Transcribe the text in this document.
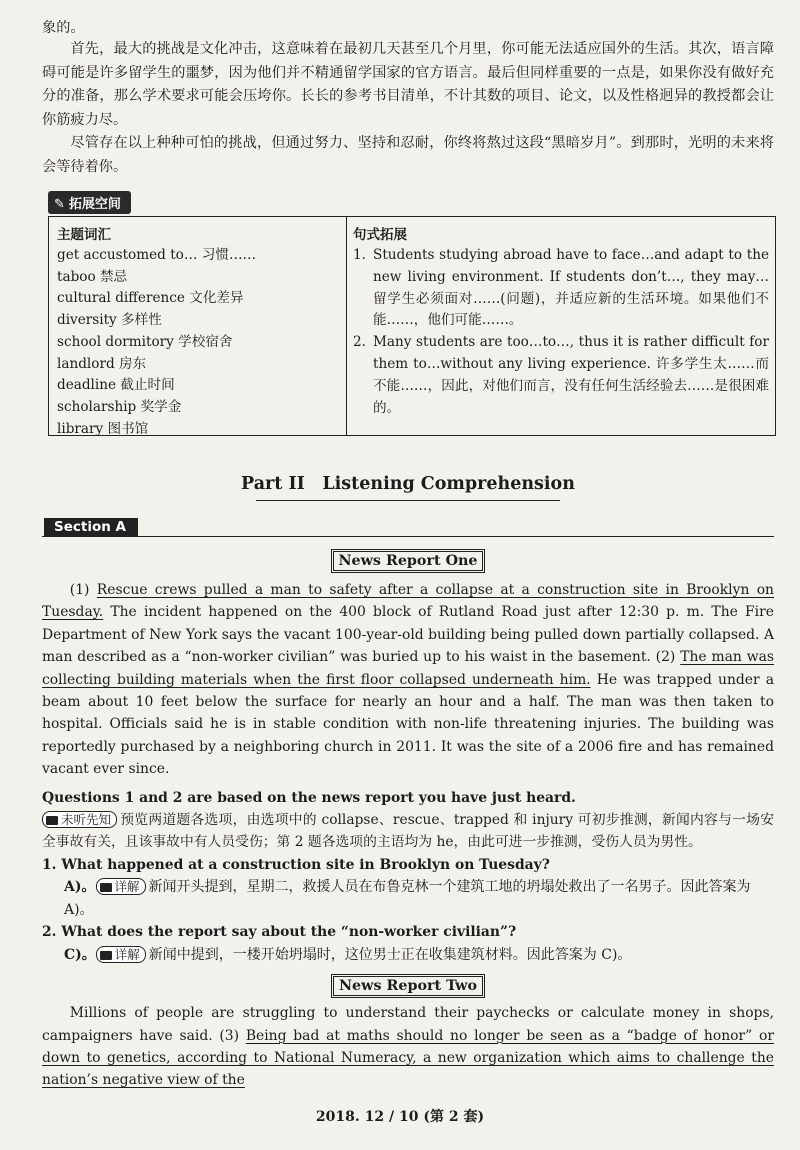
象的。

首先，最大的挑战是文化冲击，这意味着在最初几天甚至几个月里，你可能无法适应国外的生活。其次，语言障碍可能是许多留学生的噩梦，因为他们并不精通留学国家的官方语言。最后但同样重要的一点是，如果你没有做好充分的准备，那么学术要求可能会压垮你。长长的参考书目清单，不计其数的项目、论文，以及性格迥异的教授都会让你筋疲力尽。

尽管存在以上种种可怕的挑战，但通过努力、坚持和忍耐，你终将熬过这段“黑暗岁月”。到那时，光明的未来将会等待着你。

✎ 拓展空间
主题词汇
get accustomed to… 习惯……
taboo 禁忌
cultural difference 文化差异
diversity 多样性
school dormitory 学校宿舍
landlord 房东
deadline 截止时间
scholarship 奖学金
library 图书馆
句式拓展
1. Students studying abroad have to face…and adapt to the new living environment. If students don’t…, they may… 留学生必须面对……(问题)，并适应新的生活环境。如果他们不能……，他们可能……。
2. Many students are too…to…, thus it is rather difficult for them to…without any living experience. 许多学生太……而不能……，因此，对他们而言，没有任何生活经验去……是很困难的。
Part II　Listening Comprehension
Section A
News Report One

(1) Rescue crews pulled a man to safety after a collapse at a construction site in Brooklyn on Tuesday. The incident happened on the 400 block of Rutland Road just after 12:30 p. m. The Fire Department of New York says the vacant 100-year-old building being pulled down partially collapsed. A man described as a “non-worker civilian” was buried up to his waist in the basement. (2) The man was collecting building materials when the first floor collapsed underneath him. He was trapped under a beam about 10 feet below the surface for nearly an hour and a half. The man was then taken to hospital. Officials said he is in stable condition with non-life threatening injuries. The building was reportedly purchased by a neighboring church in 2011. It was the site of a 2006 fire and has remained vacant ever since.

Questions 1 and 2 are based on the news report you have just heard.

未听先知 预览两道题各选项，由选项中的 collapse、rescue、trapped 和 injury 可初步推测，新闻内容与一场安全事故有关，且该事故中有人员受伤；第 2 题各选项的主语均为 he，由此可进一步推测，受伤人员为男性。

1. What happened at a construction site in Brooklyn on Tuesday?

A)。 详解 新闻开头提到，星期二，救援人员在布鲁克林一个建筑工地的坍塌处救出了一名男子。因此答案为 A)。

2. What does the report say about the “non-worker civilian”?

C)。 详解 新闻中提到，一楼开始坍塌时，这位男士正在收集建筑材料。因此答案为 C)。

News Report Two

Millions of people are struggling to understand their paychecks or calculate money in shops, campaigners have said. (3) Being bad at maths should no longer be seen as a “badge of honor” or down to genetics, according to National Numeracy, a new organization which aims to challenge the nation’s negative view of the

2018. 12 / 10 (第 2 套)
